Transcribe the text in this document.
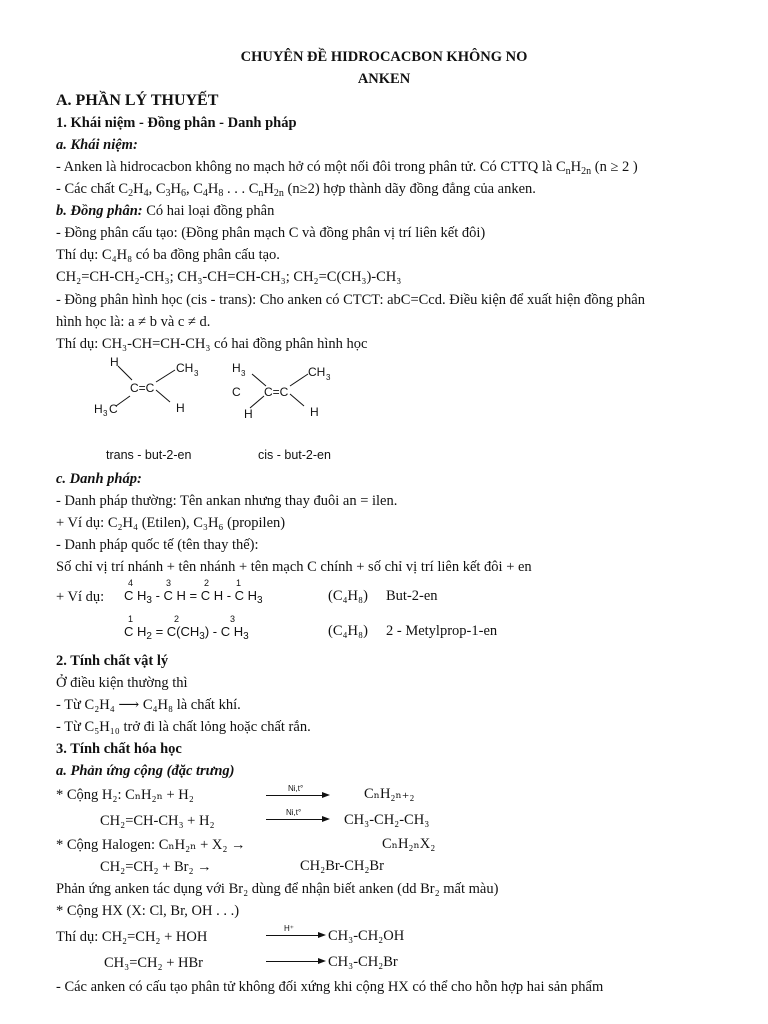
CHUYÊN ĐỀ HIDROCACBON KHÔNG NO
ANKEN
A. PHẦN LÝ THUYẾT
1. Khái niệm - Đồng phân - Danh pháp
a. Khái niệm:
- Anken là hidrocacbon không no mạch hở có một nối đôi trong phân tử. Có CTTQ là $C_nH_{2n}$ (n ≥ 2 )
- Các chất $C_2H_4$, $C_3H_6$, $C_4H_8$ . . . $C_nH_{2n}$ (n≥2) hợp thành dãy đồng đẳng của anken.
b. Đồng phân: Có hai loại đồng phân
- Đồng phân cấu tạo: (Đồng phân mạch C và đồng phân vị trí liên kết đôi)
Thí dụ: C₄H₈ có ba đồng phân cấu tạo.
CH₂=CH-CH₂-CH₃; CH₃-CH=CH-CH₃; CH₂=C(CH₃)-CH₃
- Đồng phân hình học (cis - trans): Cho anken có CTCT: abC=Ccd. Điều kiện để xuất hiện đồng phân
hình học là: a ≠ b và c ≠ d.
Thí dụ: CH₃-CH=CH-CH₃ có hai đồng phân hình học
H	CH 3
C=C
H 3 C	H
H 3
C
CH 3
C=C
H	H
trans - but-2-en	cis - but-2-en
c. Danh pháp:
- Danh pháp thường: Tên ankan nhưng thay đuôi an = ilen.
+ Ví dụ: C₂H₄ (Etilen), C₃H₆ (propilen)
- Danh pháp quốc tế (tên thay thế):
Số chỉ vị trí nhánh + tên nhánh + tên mạch C chính + số chỉ vị trí liên kết đôi + en
+ Ví dụ:
4	3	2	1
C $H_3$ - C H = C H - C $H_3$	(C₄H₈) But-2-en
1	2	3
C $H_2 = C(CH_3) - C$ $H_3$	(C₄H₈) 2 - Metylprop-1-en
2. Tính chất vật lý
Ở điều kiện thường thì
- Từ C₂H₄ ⟶ C₄H₈ là chất khí.
- Từ C₅H₁₀ trở đi là chất lỏng hoặc chất rắn.
3. Tính chất hóa học
a. Phản ứng cộng (đặc trưng)
* Cộng H₂: CₙH₂ₙ + H₂	Ni,t°	CₙH₂ₙ₊₂
CH₂=CH-CH₃ + H₂
Ni,t°	CH₃-CH₂-CH₃
* Cộng Halogen: CₙH₂ₙ + X₂ →	CₙH₂ₙX₂
CH₂=CH₂ + Br₂ →	CH₂Br-CH₂Br
Phản ứng anken tác dụng với Br₂ dùng để nhận biết anken (dd Br₂ mất màu)
* Cộng HX (X: Cl, Br, OH . . .)
Thí dụ: CH₂=CH₂ + HOH
H⁺ CH₃-CH₂OH
CH₃=CH₂ + HBr	CH₃-CH₂Br
- Các anken có cấu tạo phân tử không đối xứng khi cộng HX có thể cho hỗn hợp hai sản phẩm
